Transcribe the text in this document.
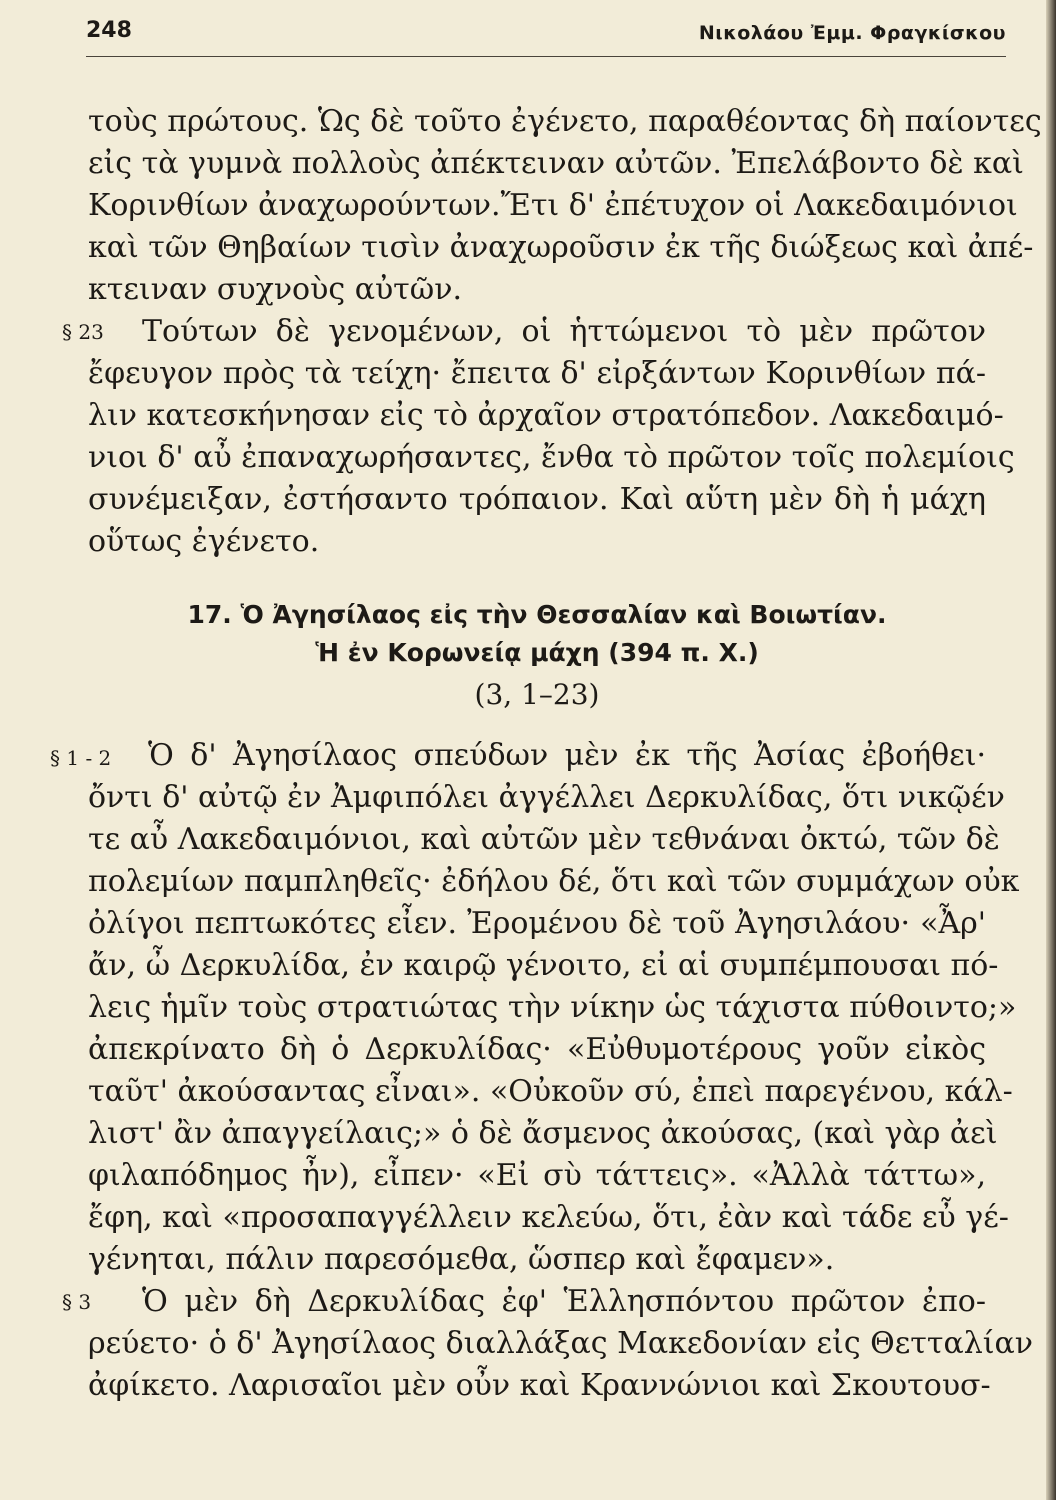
248	Νικολάου Ἐμμ. Φραγκίσκου
τοὺς πρώτους. Ὡς δὲ τοῦτο ἐγένετο, παραθέοντας δὴ παίοντες
εἰς τὰ γυμνὰ πολλοὺς ἀπέκτειναν αὐτῶν. Ἐπελάβοντο δὲ καὶ
Κορινθίων ἀναχωρούντων.Ἔτι δ' ἐπέτυχον οἱ Λακεδαιμόνιοι
καὶ τῶν Θηβαίων τισὶν ἀναχωροῦσιν ἐκ τῆς διώξεως καὶ ἀπέ-
κτειναν συχνοὺς αὐτῶν.
§ 23 Τούτων δὲ γενομένων, οἱ ἡττώμενοι τὸ μὲν πρῶτον
ἔφευγον πρὸς τὰ τείχη· ἔπειτα δ' εἰρξάντων Κορινθίων πά-
λιν κατεσκήνησαν εἰς τὸ ἀρχαῖον στρατόπεδον. Λακεδαιμό-
νιοι δ' αὖ ἐπαναχωρήσαντες, ἔνθα τὸ πρῶτον τοῖς πολεμίοις
συνέμειξαν, ἐστήσαντο τρόπαιον. Καὶ αὕτη μὲν δὴ ἡ μάχη
οὕτως ἐγένετο.
17. Ὁ Ἀγησίλαος εἰς τὴν Θεσσαλίαν καὶ Βοιωτίαν.
Ἡ ἐν Κορωνείᾳ μάχη (394 π. Χ.)
(3, 1–23)
§ 1 - 2 Ὁ δ' Ἀγησίλαος σπεύδων μὲν ἐκ τῆς Ἀσίας ἐβοήθει·
ὄντι δ' αὐτῷ ἐν Ἀμφιπόλει ἀγγέλλει Δερκυλίδας, ὅτι νικῷέν
τε αὖ Λακεδαιμόνιοι, καὶ αὐτῶν μὲν τεθνάναι ὀκτώ, τῶν δὲ
πολεμίων παμπληθεῖς· ἐδήλου δέ, ὅτι καὶ τῶν συμμάχων οὐκ
ὀλίγοι πεπτωκότες εἶεν. Ἐρομένου δὲ τοῦ Ἀγησιλάου· «Ἆρ'
ἄν, ὦ Δερκυλίδα, ἐν καιρῷ γένοιτο, εἰ αἱ συμπέμπουσαι πό-
λεις ἡμῖν τοὺς στρατιώτας τὴν νίκην ὡς τάχιστα πύθοιντο;»
ἀπεκρίνατο δὴ ὁ Δερκυλίδας· «Εὐθυμοτέρους γοῦν εἰκὸς
ταῦτ' ἀκούσαντας εἶναι». «Οὐκοῦν σύ, ἐπεὶ παρεγένου, κάλ-
λιστ' ἂν ἀπαγγείλαις;» ὁ δὲ ἄσμενος ἀκούσας, (καὶ γὰρ ἀεὶ
φιλαπόδημος ἦν), εἶπεν· «Εἰ σὺ τάττεις». «Ἀλλὰ τάττω»,
ἔφη, καὶ «προσαπαγγέλλειν κελεύω, ὅτι, ἐὰν καὶ τάδε εὖ γέ-
γένηται, πάλιν παρεσόμεθα, ὥσπερ καὶ ἔφαμεν».
§ 3 Ὁ μὲν δὴ Δερκυλίδας ἐφ' Ἑλλησπόντου πρῶτον ἐπο-
ρεύετο· ὁ δ' Ἀγησίλαος διαλλάξας Μακεδονίαν εἰς Θετταλίαν
ἀφίκετο. Λαρισαῖοι μὲν οὖν καὶ Κραννώνιοι καὶ Σκουτουσ-
